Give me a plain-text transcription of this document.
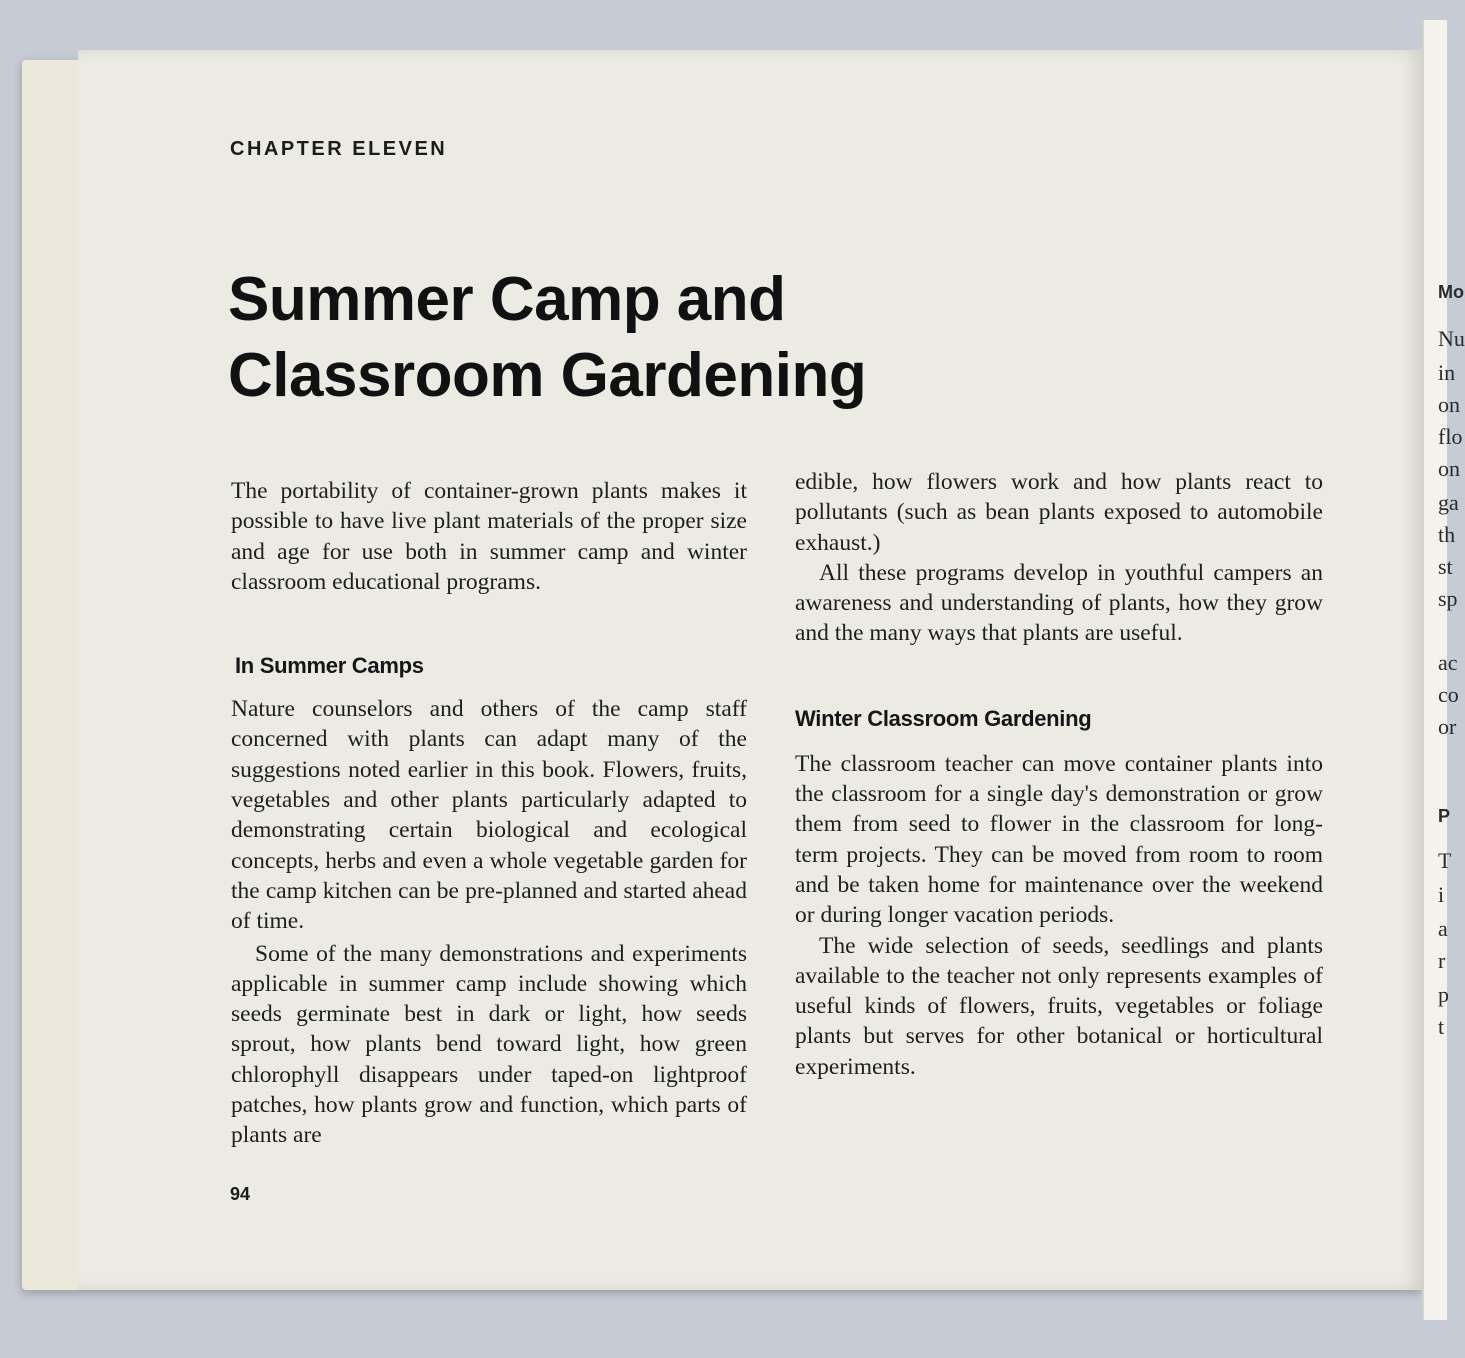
Mo
Nu
in
on
flo
on
ga
th
st
sp
ac
co
or
P
T
i
a
r
p
t
CHAPTER ELEVEN
Summer Camp and
Classroom Gardening

The portability of container-grown plants makes it possible to have live plant materials of the proper size and age for use both in summer camp and winter classroom educational programs.

In Summer Camps

Nature counselors and others of the camp staff concerned with plants can adapt many of the suggestions noted earlier in this book. Flowers, fruits, vegetables and other plants particularly adapted to demonstrating certain biological and ecological concepts, herbs and even a whole vegetable garden for the camp kitchen can be pre-planned and started ahead of time.

Some of the many demonstrations and experiments applicable in summer camp include showing which seeds germinate best in dark or light, how seeds sprout, how plants bend toward light, how green chlorophyll disappears under taped-on lightproof patches, how plants grow and function, which parts of plants are

edible, how flowers work and how plants react to pollutants (such as bean plants exposed to automobile exhaust.)

All these programs develop in youthful campers an awareness and understanding of plants, how they grow and the many ways that plants are useful.

Winter Classroom Gardening

The classroom teacher can move container plants into the classroom for a single day's demonstration or grow them from seed to flower in the classroom for long-term projects. They can be moved from room to room and be taken home for maintenance over the weekend or during longer vacation periods.

The wide selection of seeds, seedlings and plants available to the teacher not only represents examples of useful kinds of flowers, fruits, vegetables or foliage plants but serves for other botanical or horticultural experiments.

94
